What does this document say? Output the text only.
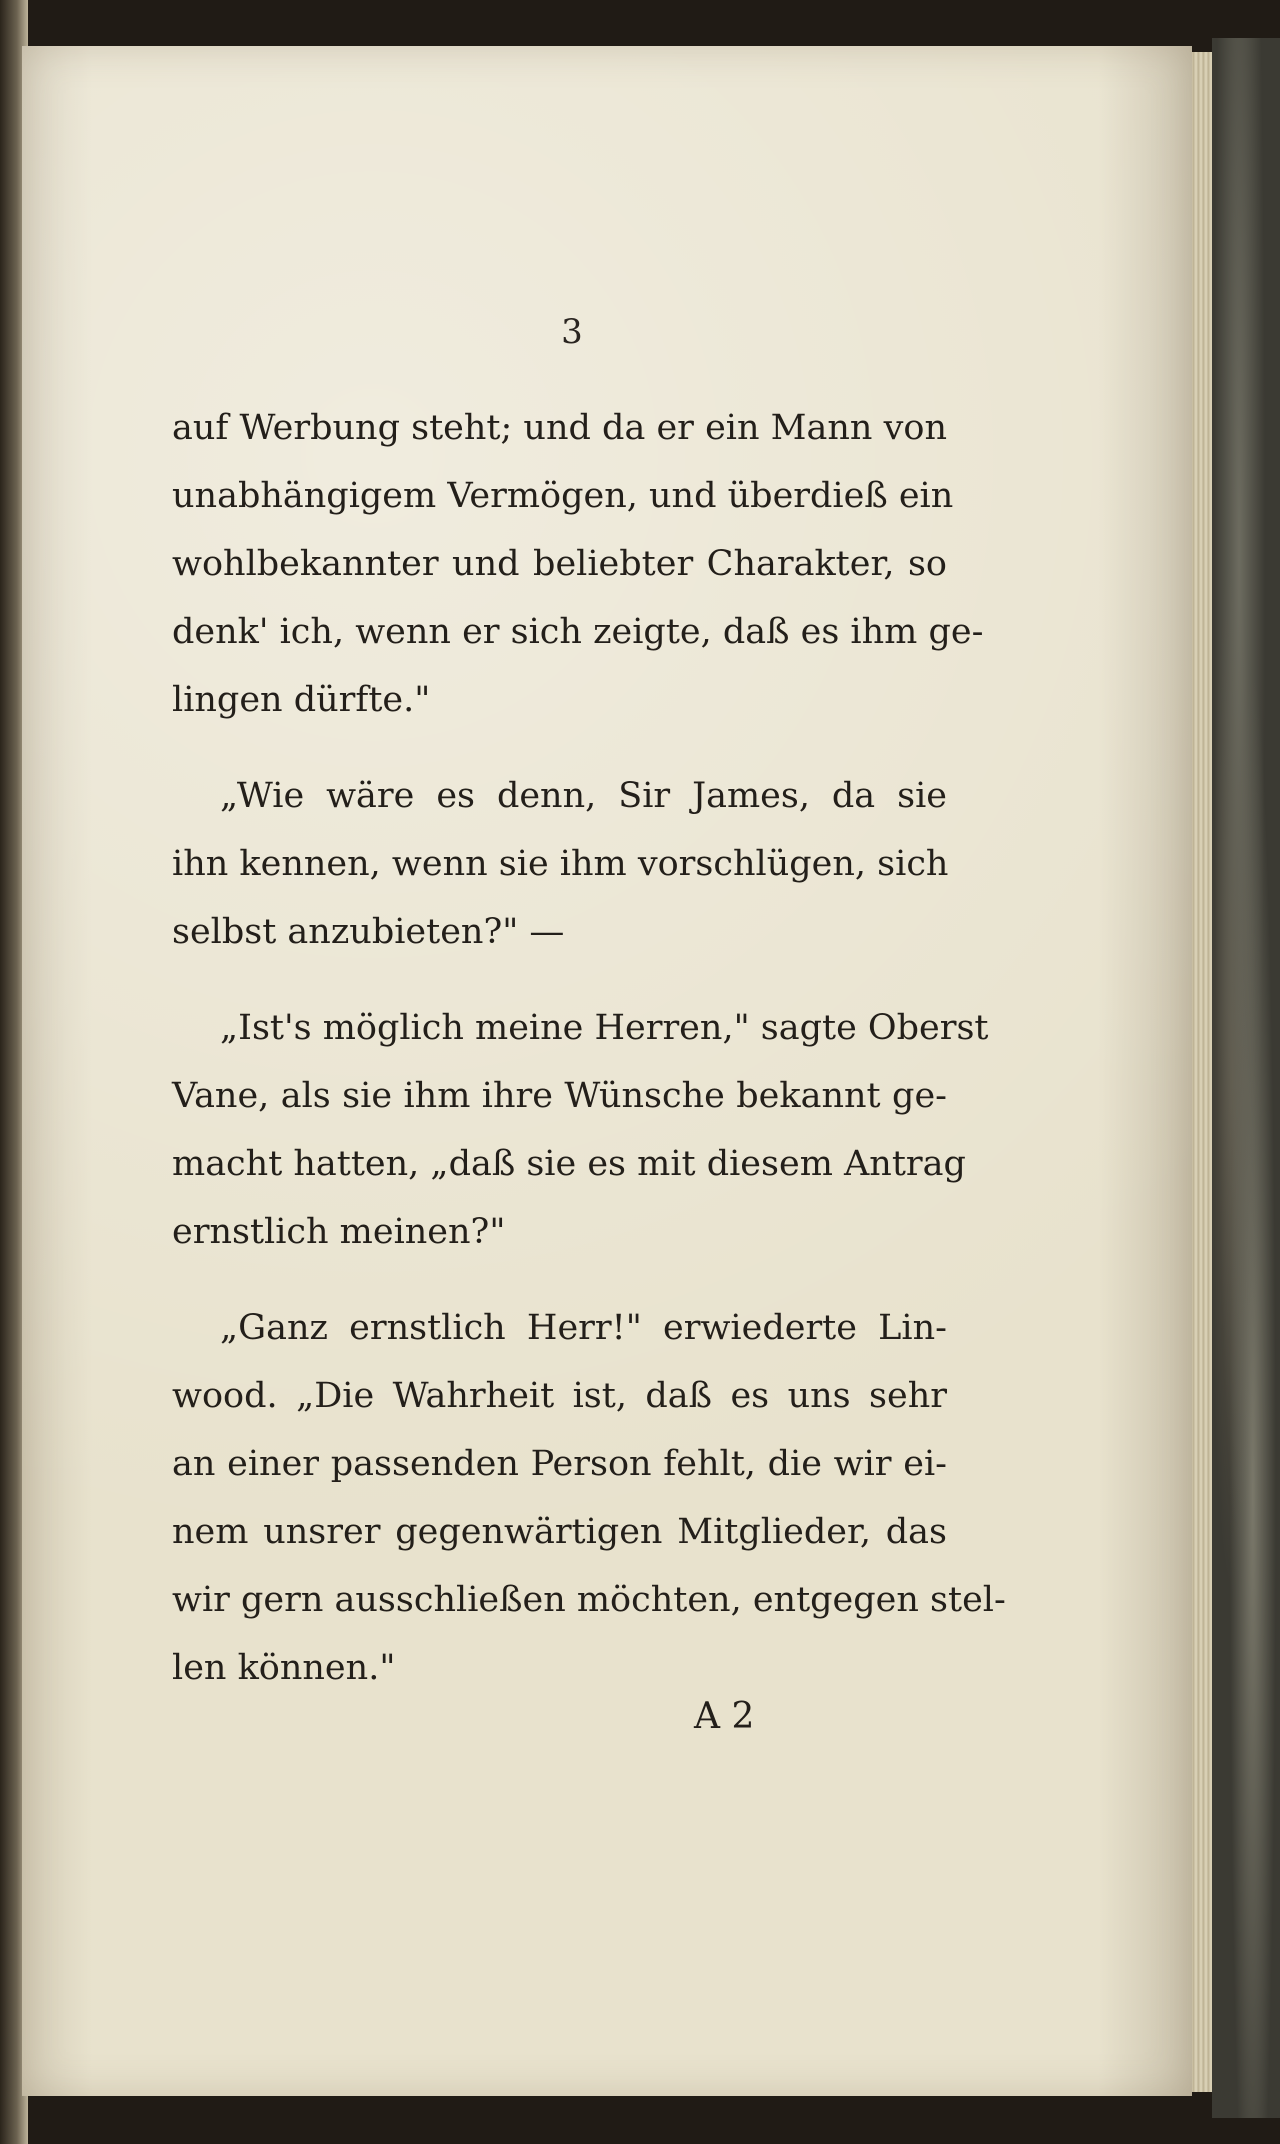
3
auf Werbung steht; und da er ein Mann von
unabhängigem Vermögen, und überdieß ein
wohlbekannter und beliebter Charakter, so
denk' ich, wenn er sich zeigte, daß es ihm ge-
lingen dürfte."
„Wie wäre es denn, Sir James, da sie
ihn kennen, wenn sie ihm vorschlügen, sich
selbst anzubieten?" —
„Ist's möglich meine Herren," sagte Oberst
Vane, als sie ihm ihre Wünsche bekannt ge-
macht hatten, „daß sie es mit diesem Antrag
ernstlich meinen?"
„Ganz ernstlich Herr!" erwiederte Lin-
wood. „Die Wahrheit ist, daß es uns sehr
an einer passenden Person fehlt, die wir ei-
nem unsrer gegenwärtigen Mitglieder, das
wir gern ausschließen möchten, entgegen stel-
len können."
A 2
